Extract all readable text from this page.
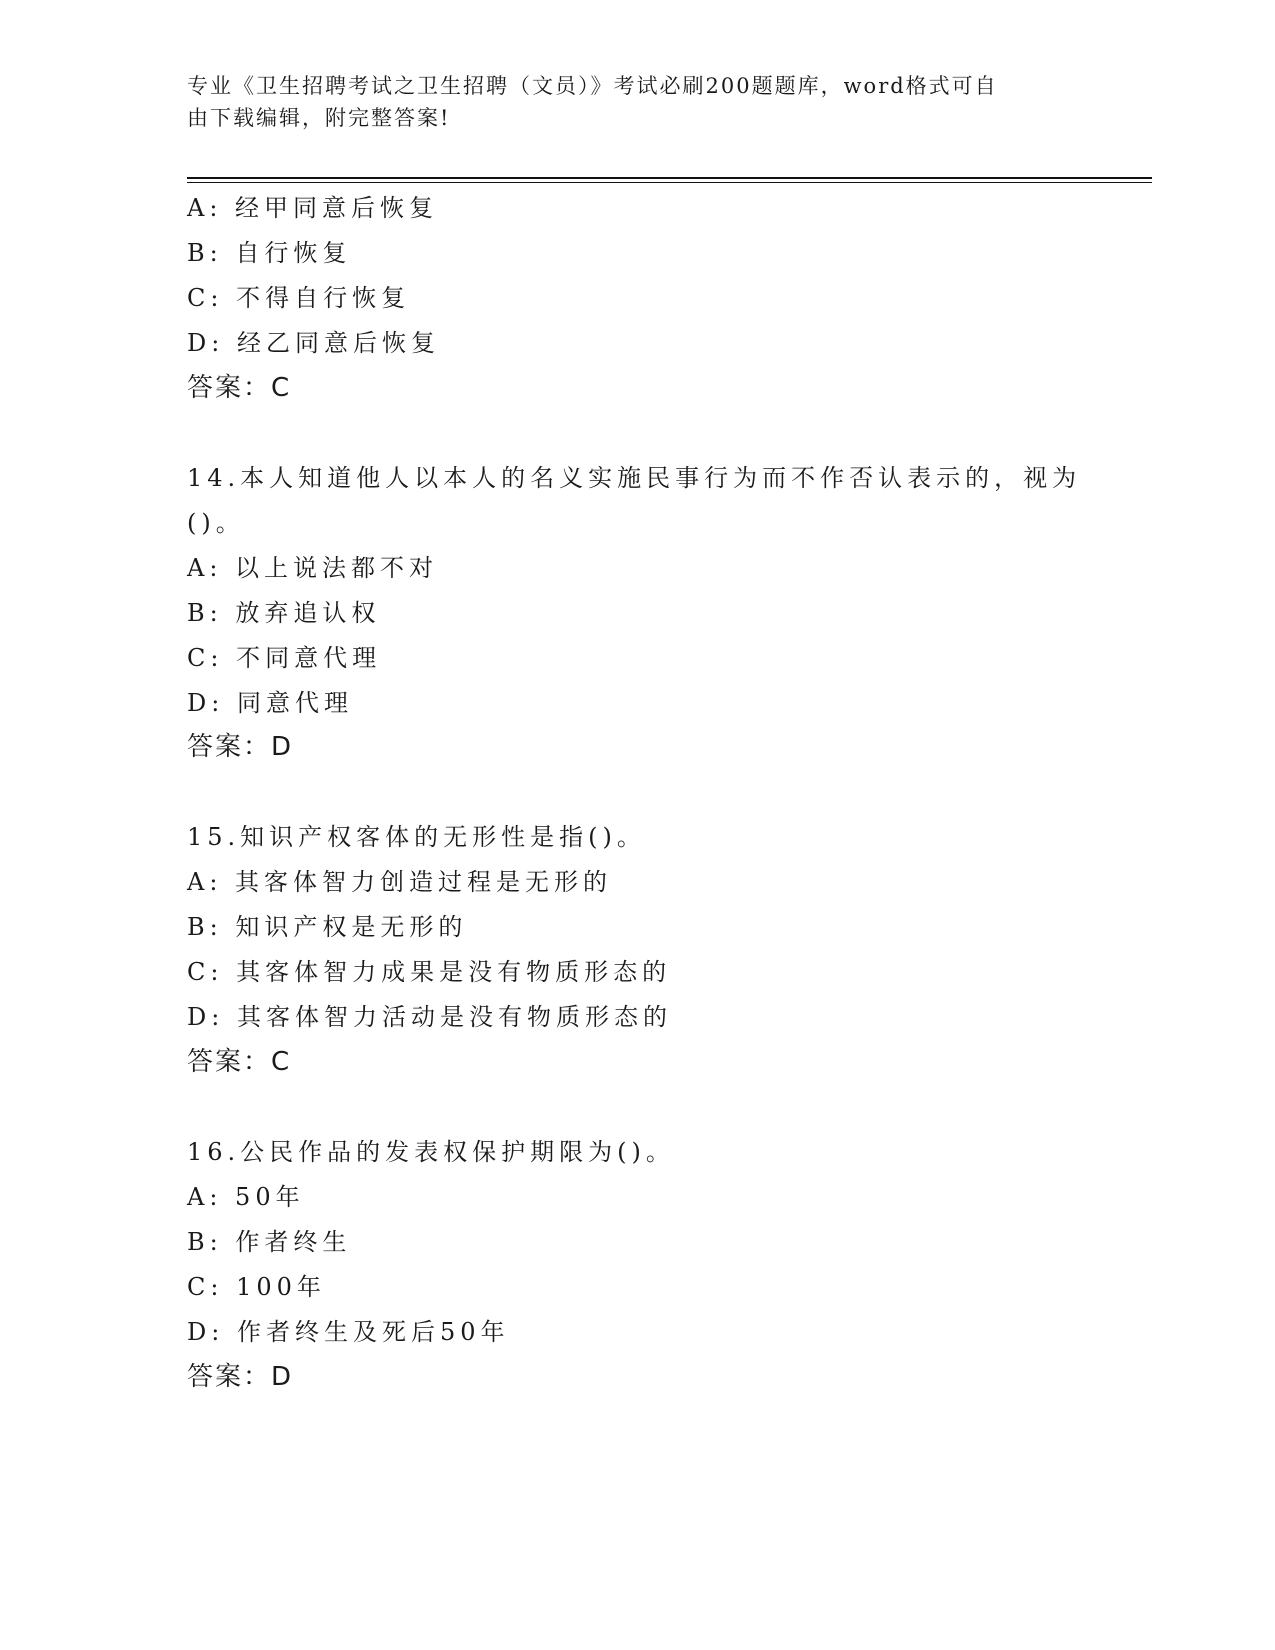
专业《卫生招聘考试之卫生招聘（文员）》考试必刷200题题库，word格式可自
由下载编辑，附完整答案!
A: 经甲同意后恢复
B: 自行恢复
C: 不得自行恢复
D: 经乙同意后恢复
答案：C
14.本人知道他人以本人的名义实施民事行为而不作否认表示的，视为
()。
A: 以上说法都不对
B: 放弃追认权
C: 不同意代理
D: 同意代理
答案：D
15.知识产权客体的无形性是指()。
A: 其客体智力创造过程是无形的
B: 知识产权是无形的
C: 其客体智力成果是没有物质形态的
D: 其客体智力活动是没有物质形态的
答案：C
16.公民作品的发表权保护期限为()。
A: 50年
B: 作者终生
C: 100年
D: 作者终生及死后50年
答案：D
